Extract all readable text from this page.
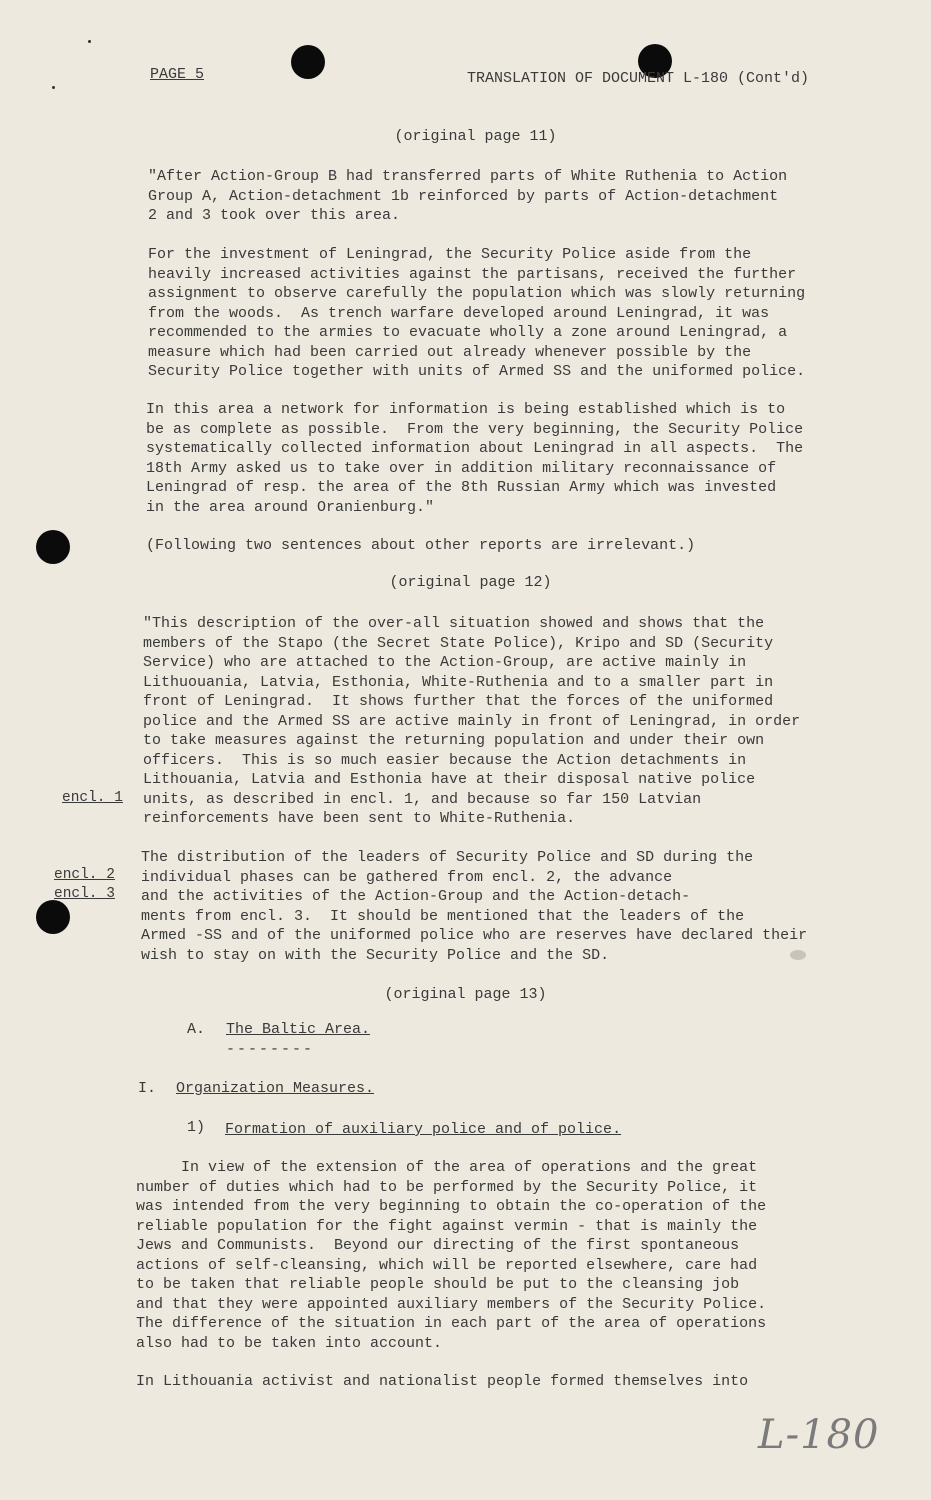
PAGE 5	TRANSLATION OF DOCUMENT L-180 (Cont'd)
(original page 11)
"After Action-Group B had transferred parts of White Ruthenia to Action
Group A, Action-detachment 1b reinforced by parts of Action-detachment
2 and 3 took over this area.
For the investment of Leningrad, the Security Police aside from the
heavily increased activities against the partisans, received the further
assignment to observe carefully the population which was slowly returning
from the woods.  As trench warfare developed around Leningrad, it was
recommended to the armies to evacuate wholly a zone around Leningrad, a
measure which had been carried out already whenever possible by the
Security Police together with units of Armed SS and the uniformed police.
In this area a network for information is being established which is to
be as complete as possible.  From the very beginning, the Security Police
systematically collected information about Leningrad in all aspects.  The
18th Army asked us to take over in addition military reconnaissance of
Leningrad of resp. the area of the 8th Russian Army which was invested
in the area around Oranienburg."
(Following two sentences about other reports are irrelevant.)
(original page 12)
"This description of the over-all situation showed and shows that the
members of the Stapo (the Secret State Police), Kripo and SD (Security
Service) who are attached to the Action-Group, are active mainly in
Lithuouania, Latvia, Esthonia, White-Ruthenia and to a smaller part in
front of Leningrad.  It shows further that the forces of the uniformed
police and the Armed SS are active mainly in front of Leningrad, in order
to take measures against the returning population and under their own
officers.  This is so much easier because the Action detachments in
Lithouania, Latvia and Esthonia have at their disposal native police
units, as described in encl. 1, and because so far 150 Latvian
reinforcements have been sent to White-Ruthenia.
encl. 1
The distribution of the leaders of Security Police and SD during the
individual phases can be gathered from encl. 2, the advance
and the activities of the Action-Group and the Action-detach-
ments from encl. 3.  It should be mentioned that the leaders of the
Armed -SS and of the uniformed police who are reserves have declared their
wish to stay on with the Security Police and the SD.
encl. 2
encl. 3
(original page 13)
A. The Baltic Area.
--------
I. Organization Measures.
1) Formation of auxiliary police and of police.
In view of the extension of the area of operations and the great
number of duties which had to be performed by the Security Police, it
was intended from the very beginning to obtain the co-operation of the
reliable population for the fight against vermin - that is mainly the
Jews and Communists.  Beyond our directing of the first spontaneous
actions of self-cleansing, which will be reported elsewhere, care had
to be taken that reliable people should be put to the cleansing job
and that they were appointed auxiliary members of the Security Police.
The difference of the situation in each part of the area of operations
also had to be taken into account.
In Lithouania activist and nationalist people formed themselves into
L-180
